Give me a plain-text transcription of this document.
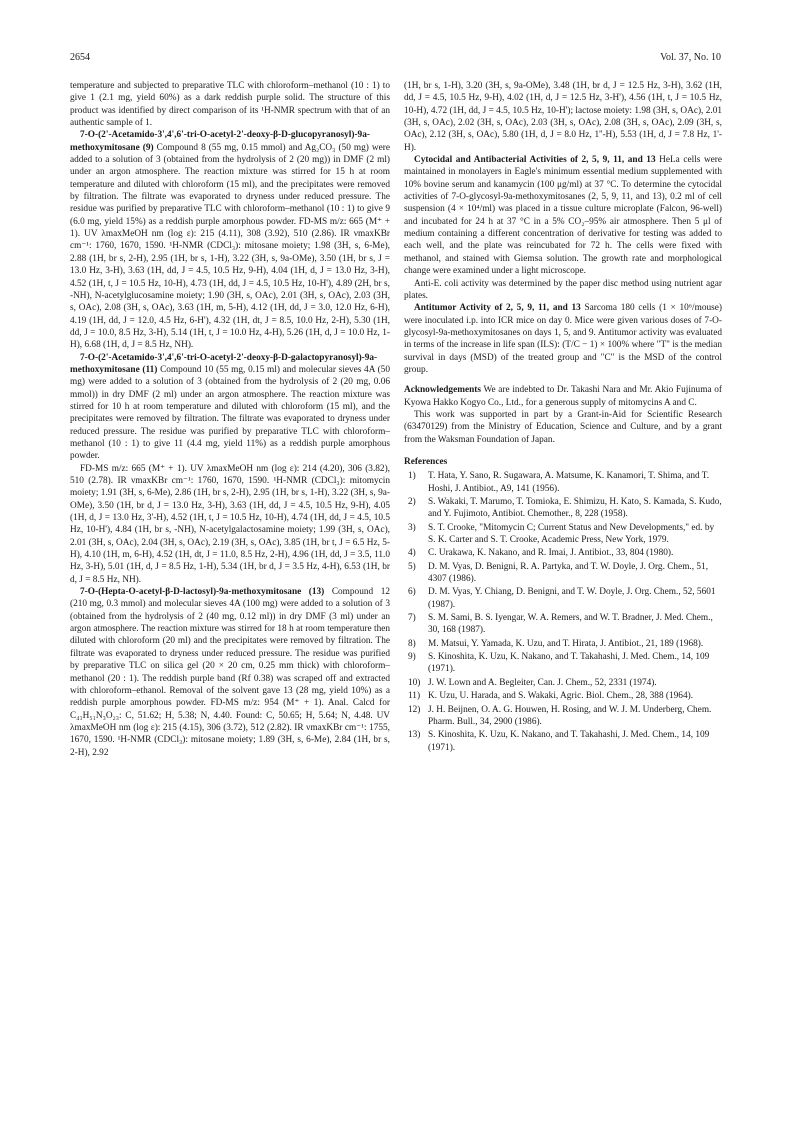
2654	Vol. 37, No. 10

temperature and subjected to preparative TLC with chloroform–methanol (10 : 1) to give 1 (2.1 mg, yield 60%) as a dark reddish purple solid. The structure of this product was identified by direct comparison of its ¹H-NMR spectrum with that of an authentic sample of 1.

7-O-(2'-Acetamido-3',4',6'-tri-O-acetyl-2'-deoxy-β-D-glucopyranosyl)-9a-methoxymitosane (9) Compound 8 (55 mg, 0.15 mmol) and Ag₂CO₃ (50 mg) were added to a solution of 3 (obtained from the hydrolysis of 2 (20 mg)) in DMF (2 ml) under an argon atmosphere. The reaction mixture was stirred for 15 h at room temperature and diluted with chloroform (15 ml), and the precipitates were removed by filtration. The filtrate was evaporated to dryness under reduced pressure. The residue was purified by preparative TLC with chloroform–methanol (10 : 1) to give 9 (6.0 mg, yield 15%) as a reddish purple amorphous powder. FD-MS m/z: 665 (M⁺ + 1). UV λmaxMeOH nm (log ε): 215 (4.11), 308 (3.92), 510 (2.86). IR νmaxKBr cm⁻¹: 1760, 1670, 1590. ¹H-NMR (CDCl₃): mitosane moiety; 1.98 (3H, s, 6-Me), 2.88 (1H, br s, 2-H), 2.95 (1H, br s, 1-H), 3.22 (3H, s, 9a-OMe), 3.50 (1H, br s, J = 13.0 Hz, 3-H), 3.63 (1H, dd, J = 4.5, 10.5 Hz, 9-H), 4.04 (1H, d, J = 13.0 Hz, 3-H), 4.52 (1H, t, J = 10.5 Hz, 10-H), 4.73 (1H, dd, J = 4.5, 10.5 Hz, 10-H'), 4.89 (2H, br s, -NH), N-acetylglucosamine moiety; 1.90 (3H, s, OAc), 2.01 (3H, s, OAc), 2.03 (3H, s, OAc), 2.08 (3H, s, OAc), 3.63 (1H, m, 5-H), 4.12 (1H, dd, J = 3.0, 12.0 Hz, 6-H), 4.19 (1H, dd, J = 12.0, 4.5 Hz, 6-H'), 4.32 (1H, dt, J = 8.5, 10.0 Hz, 2-H), 5.30 (1H, dd, J = 10.0, 8.5 Hz, 3-H), 5.14 (1H, t, J = 10.0 Hz, 4-H), 5.26 (1H, d, J = 10.0 Hz, 1-H), 6.68 (1H, d, J = 8.5 Hz, NH).

7-O-(2'-Acetamido-3',4',6'-tri-O-acetyl-2'-deoxy-β-D-galactopyranosyl)-9a-methoxymitosane (11) Compound 10 (55 mg, 0.15 ml) and molecular sieves 4A (50 mg) were added to a solution of 3 (obtained from the hydrolysis of 2 (20 mg, 0.06 mmol)) in dry DMF (2 ml) under an argon atmosphere. The reaction mixture was stirred for 10 h at room temperature and diluted with chloroform (15 ml), and the precipitates were removed by filtration. The filtrate was evaporated to dryness under reduced pressure. The residue was purified by preparative TLC with chloroform–methanol (10 : 1) to give 11 (4.4 mg, yield 11%) as a reddish purple amorphous powder.

FD-MS m/z: 665 (M⁺ + 1). UV λmaxMeOH nm (log ε): 214 (4.20), 306 (3.82), 510 (2.78). IR νmaxKBr cm⁻¹: 1760, 1670, 1590. ¹H-NMR (CDCl₃): mitomycin moiety; 1.91 (3H, s, 6-Me), 2.86 (1H, br s, 2-H), 2.95 (1H, br s, 1-H), 3.22 (3H, s, 9a-OMe), 3.50 (1H, br d, J = 13.0 Hz, 3-H), 3.63 (1H, dd, J = 4.5, 10.5 Hz, 9-H), 4.05 (1H, d, J = 13.0 Hz, 3'-H), 4.52 (1H, t, J = 10.5 Hz, 10-H), 4.74 (1H, dd, J = 4.5, 10.5 Hz, 10-H'), 4.84 (1H, br s, -NH), N-acetylgalactosamine moiety; 1.99 (3H, s, OAc), 2.01 (3H, s, OAc), 2.04 (3H, s, OAc), 2.19 (3H, s, OAc), 3.85 (1H, br t, J = 6.5 Hz, 5-H), 4.10 (1H, m, 6-H), 4.52 (1H, dt, J = 11.0, 8.5 Hz, 2-H), 4.96 (1H, dd, J = 3.5, 11.0 Hz, 3-H), 5.01 (1H, d, J = 8.5 Hz, 1-H), 5.34 (1H, br d, J = 3.5 Hz, 4-H), 6.53 (1H, br d, J = 8.5 Hz, NH).

7-O-(Hepta-O-acetyl-β-D-lactosyl)-9a-methoxymitosane (13) Compound 12 (210 mg, 0.3 mmol) and molecular sieves 4A (100 mg) were added to a solution of 3 (obtained from the hydrolysis of 2 (40 mg, 0.12 ml)) in dry DMF (3 ml) under an argon atmosphere. The reaction mixture was stirred for 18 h at room temperature then diluted with chloroform (20 ml) and the precipitates were removed by filtration. The filtrate was evaporated to dryness under reduced pressure. The residue was purified by preparative TLC on silica gel (20 × 20 cm, 0.25 mm thick) with chloroform–methanol (20 : 1). The reddish purple band (Rf 0.38) was scraped off and extracted with chloroform–ethanol. Removal of the solvent gave 13 (28 mg, yield 10%) as a reddish purple amorphous powder. FD-MS m/z: 954 (M⁺ + 1). Anal. Calcd for C₄₁H₅₁N₃O₂₃: C, 51.62; H, 5.38; N, 4.40. Found: C, 50.65; H, 5.64; N, 4.48. UV λmaxMeOH nm (log ε): 215 (4.15), 306 (3.72), 512 (2.82). IR νmaxKBr cm⁻¹: 1755, 1670, 1590. ¹H-NMR (CDCl₃): mitosane moiety; 1.89 (3H, s, 6-Me), 2.84 (1H, br s, 2-H), 2.92

(1H, br s, 1-H), 3.20 (3H, s, 9a-OMe), 3.48 (1H, br d, J = 12.5 Hz, 3-H), 3.62 (1H, dd, J = 4.5, 10.5 Hz, 9-H), 4.02 (1H, d, J = 12.5 Hz, 3-H'), 4.56 (1H, t, J = 10.5 Hz, 10-H), 4.72 (1H, dd, J = 4.5, 10.5 Hz, 10-H'); lactose moiety: 1.98 (3H, s, OAc), 2.01 (3H, s, OAc), 2.02 (3H, s, OAc), 2.03 (3H, s, OAc), 2.08 (3H, s, OAc), 2.09 (3H, s, OAc), 2.12 (3H, s, OAc), 5.80 (1H, d, J = 8.0 Hz, 1''-H), 5.53 (1H, d, J = 7.8 Hz, 1'-H).

Cytocidal and Antibacterial Activities of 2, 5, 9, 11, and 13 HeLa cells were maintained in monolayers in Eagle's minimum essential medium supplemented with 10% bovine serum and kanamycin (100 μg/ml) at 37 °C. To determine the cytocidal activities of 7-O-glycosyl-9a-methoxymitosanes (2, 5, 9, 11, and 13), 0.2 ml of cell suspension (4 × 10⁴/ml) was placed in a tissue culture microplate (Falcon, 96-well) and incubated for 24 h at 37 °C in a 5% CO₂–95% air atmosphere. Then 5 μl of medium containing a different concentration of derivative for testing was added to each well, and the plate was reincubated for 72 h. The cells were fixed with methanol, and stained with Giemsa solution. The growth rate and morphological change were examined under a light microscope.

Anti-E. coli activity was determined by the paper disc method using nutrient agar plates.

Antitumor Activity of 2, 5, 9, 11, and 13 Sarcoma 180 cells (1 × 10⁶/mouse) were inoculated i.p. into ICR mice on day 0. Mice were given various doses of 7-O-glycosyl-9a-methoxymitosanes on days 1, 5, and 9. Antitumor activity was evaluated in terms of the increase in life span (ILS): (T/C − 1) × 100% where "T" is the median survival in days (MSD) of the treated group and "C" is the MSD of the control group.

Acknowledgements We are indebted to Dr. Takashi Nara and Mr. Akio Fujinuma of Kyowa Hakko Kogyo Co., Ltd., for a generous supply of mitomycins A and C.

This work was supported in part by a Grant-in-Aid for Scientific Research (63470129) from the Ministry of Education, Science and Culture, and by a grant from the Waksman Foundation of Japan.

References
1) T. Hata, Y. Sano, R. Sugawara, A. Matsume, K. Kanamori, T. Shima, and T. Hoshi, J. Antibiot., A9, 141 (1956).
2) S. Wakaki, T. Marumo, T. Tomioka, E. Shimizu, H. Kato, S. Kamada, S. Kudo, and Y. Fujimoto, Antibiot. Chemother., 8, 228 (1958).
3) S. T. Crooke, "Mitomycin C; Current Status and New Developments," ed. by S. K. Carter and S. T. Crooke, Academic Press, New York, 1979.
4) C. Urakawa, K. Nakano, and R. Imai, J. Antibiot., 33, 804 (1980).
5) D. M. Vyas, D. Benigni, R. A. Partyka, and T. W. Doyle, J. Org. Chem., 51, 4307 (1986).
6) D. M. Vyas, Y. Chiang, D. Benigni, and T. W. Doyle, J. Org. Chem., 52, 5601 (1987).
7) S. M. Sami, B. S. Iyengar, W. A. Remers, and W. T. Bradner, J. Med. Chem., 30, 168 (1987).
8) M. Matsui, Y. Yamada, K. Uzu, and T. Hirata, J. Antibiot., 21, 189 (1968).
9) S. Kinoshita, K. Uzu, K. Nakano, and T. Takahashi, J. Med. Chem., 14, 109 (1971).
10) J. W. Lown and A. Begleiter, Can. J. Chem., 52, 2331 (1974).
11) K. Uzu, U. Harada, and S. Wakaki, Agric. Biol. Chem., 28, 388 (1964).
12) J. H. Beijnen, O. A. G. Houwen, H. Rosing, and W. J. M. Underberg, Chem. Pharm. Bull., 34, 2900 (1986).
13) S. Kinoshita, K. Uzu, K. Nakano, and T. Takahashi, J. Med. Chem., 14, 109 (1971).
